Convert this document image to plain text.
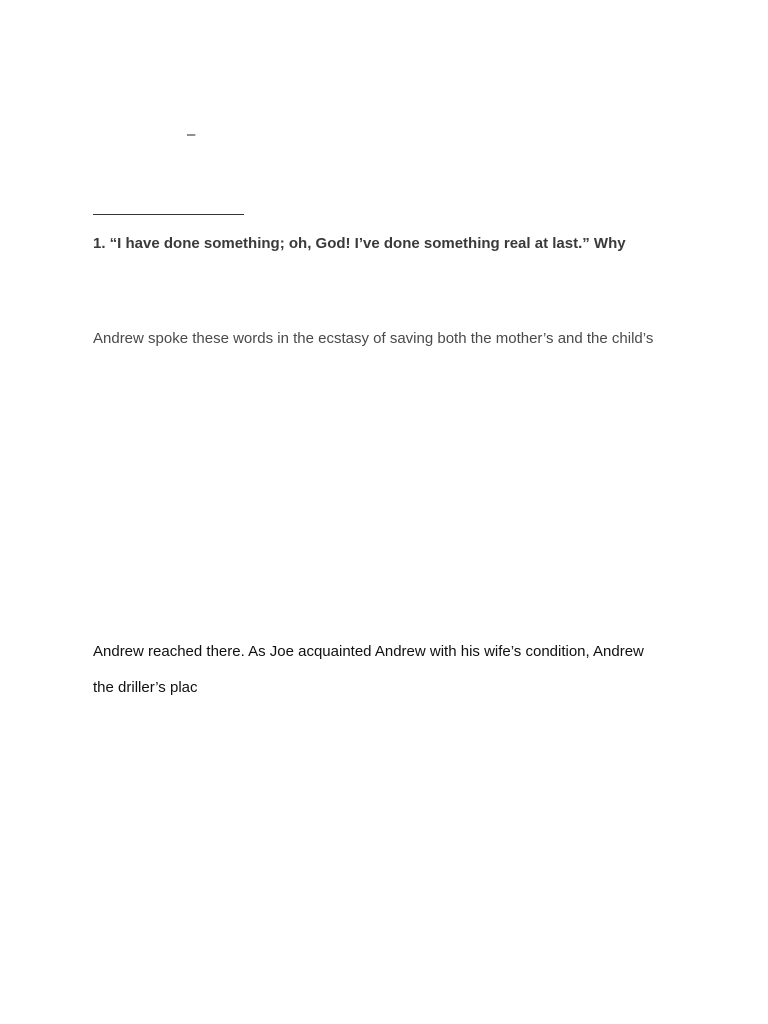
–
1. “I have done something; oh, God! I’ve done something real at last.” Why
Andrew spoke these words in the ecstasy of saving both the mother’s and the child’s
Andrew reached there. As Joe acquainted Andrew with his wife’s condition, Andrew
the driller’s plac
